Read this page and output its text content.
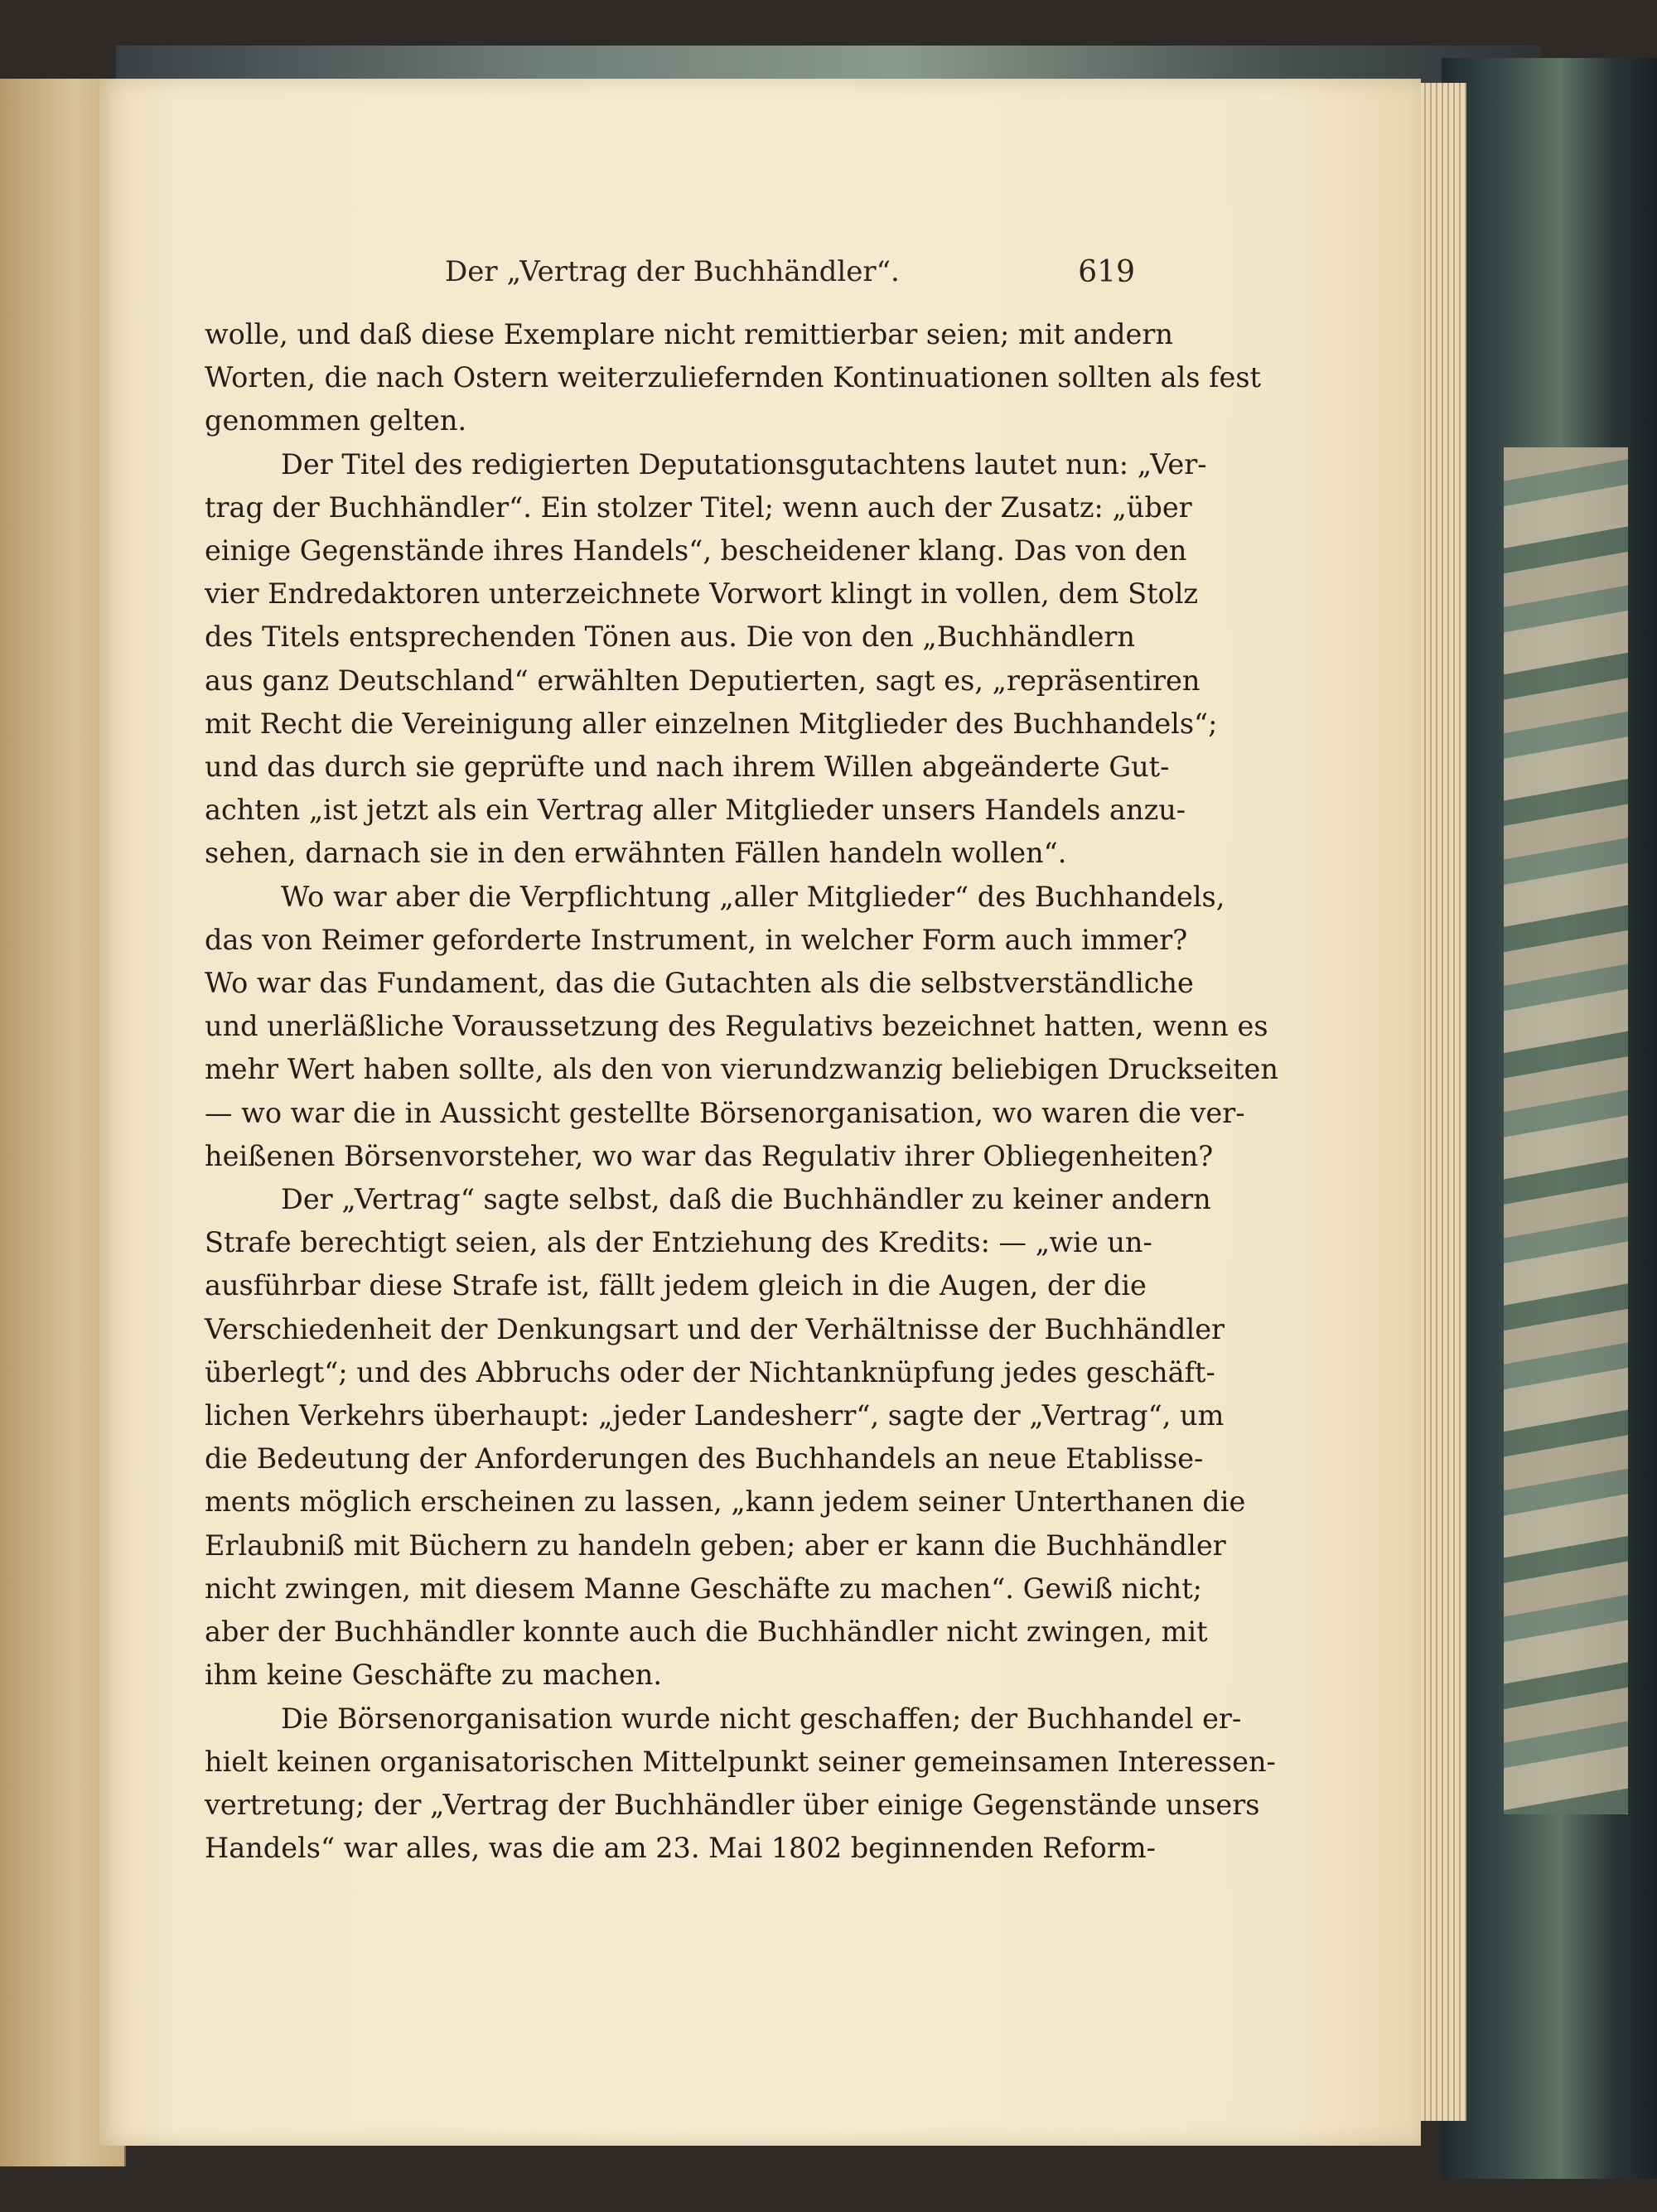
Der „Vertrag der Buchhändler“.	619

wolle, und daß diese Exemplare nicht remittierbar seien; mit andern

Worten, die nach Ostern weiterzuliefernden Kontinuationen sollten als fest

genommen gelten.

Der Titel des redigierten Deputationsgutachtens lautet nun: „Ver-

trag der Buchhändler“. Ein stolzer Titel; wenn auch der Zusatz: „über

einige Gegenstände ihres Handels“, bescheidener klang. Das von den

vier Endredaktoren unterzeichnete Vorwort klingt in vollen, dem Stolz

des Titels entsprechenden Tönen aus. Die von den „Buchhändlern

aus ganz Deutschland“ erwählten Deputierten, sagt es, „repräsentiren

mit Recht die Vereinigung aller einzelnen Mitglieder des Buchhandels“;

und das durch sie geprüfte und nach ihrem Willen abgeänderte Gut-

achten „ist jetzt als ein Vertrag aller Mitglieder unsers Handels anzu-

sehen, darnach sie in den erwähnten Fällen handeln wollen“.

Wo war aber die Verpflichtung „aller Mitglieder“ des Buchhandels,

das von Reimer geforderte Instrument, in welcher Form auch immer?

Wo war das Fundament, das die Gutachten als die selbstverständliche

und unerläßliche Voraussetzung des Regulativs bezeichnet hatten, wenn es

mehr Wert haben sollte, als den von vierundzwanzig beliebigen Druckseiten

— wo war die in Aussicht gestellte Börsenorganisation, wo waren die ver-

heißenen Börsenvorsteher, wo war das Regulativ ihrer Obliegenheiten?

Der „Vertrag“ sagte selbst, daß die Buchhändler zu keiner andern

Strafe berechtigt seien, als der Entziehung des Kredits: — „wie un-

ausführbar diese Strafe ist, fällt jedem gleich in die Augen, der die

Verschiedenheit der Denkungsart und der Verhältnisse der Buchhändler

überlegt“; und des Abbruchs oder der Nichtanknüpfung jedes geschäft-

lichen Verkehrs überhaupt: „jeder Landesherr“, sagte der „Vertrag“, um

die Bedeutung der Anforderungen des Buchhandels an neue Etablisse-

ments möglich erscheinen zu lassen, „kann jedem seiner Unterthanen die

Erlaubniß mit Büchern zu handeln geben; aber er kann die Buchhändler

nicht zwingen, mit diesem Manne Geschäfte zu machen“. Gewiß nicht;

aber der Buchhändler konnte auch die Buchhändler nicht zwingen, mit

ihm keine Geschäfte zu machen.

Die Börsenorganisation wurde nicht geschaffen; der Buchhandel er-

hielt keinen organisatorischen Mittelpunkt seiner gemeinsamen Interessen-

vertretung; der „Vertrag der Buchhändler über einige Gegenstände unsers

Handels“ war alles, was die am 23. Mai 1802 beginnenden Reform-
